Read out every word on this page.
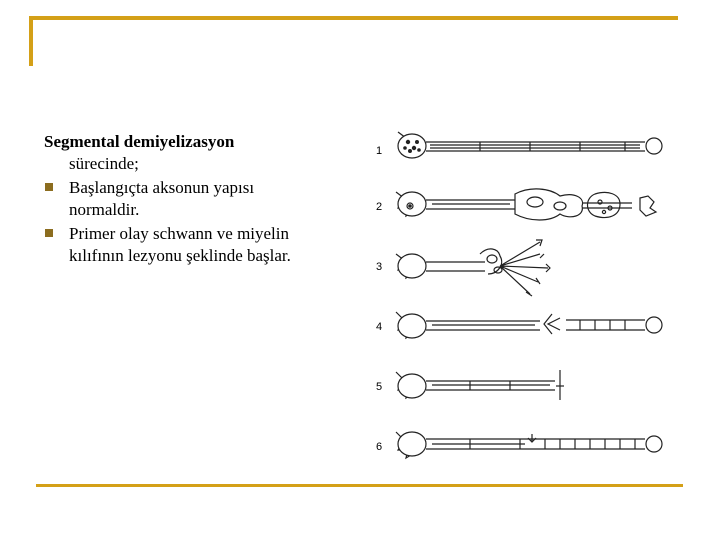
Segmental demiyelizasyon
sürecinde;
Başlangıçta aksonun yapısı
normaldir.
Primer olay schwann ve miyelin
kılıfının lezyonu şeklinde başlar.
1
2
3
4
5
6
